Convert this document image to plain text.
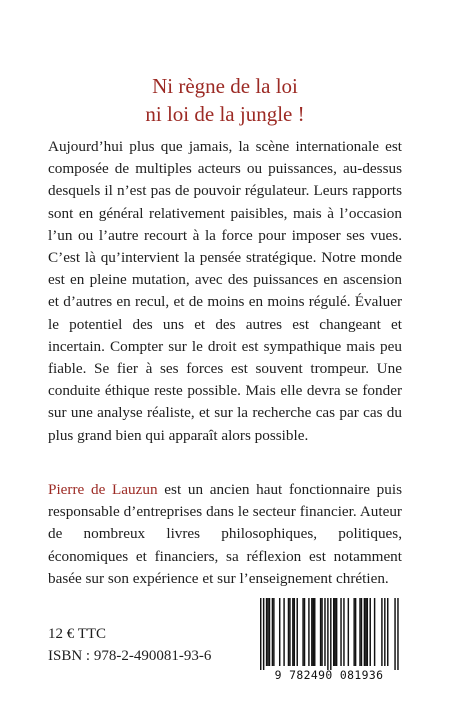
Ni règne de la loi
ni loi de la jungle !

Aujourd’hui plus que jamais, la scène internationale est composée de multiples acteurs ou puissances, au-dessus desquels il n’est pas de pouvoir régulateur. Leurs rapports sont en général relativement paisibles, mais à l’occasion l’un ou l’autre recourt à la force pour imposer ses vues. C’est là qu’intervient la pensée stratégique. Notre monde est en pleine mutation, avec des puissances en ascension et d’autres en recul, et de moins en moins régulé. Évaluer le potentiel des uns et des autres est changeant et incertain. Compter sur le droit est sympathique mais peu fiable. Se fier à ses forces est souvent trompeur. Une conduite éthique reste possible. Mais elle devra se fonder sur une analyse réaliste, et sur la recherche cas par cas du plus grand bien qui apparaît alors possible.

Pierre de Lauzun est un ancien haut fonctionnaire puis responsable d’entreprises dans le secteur financier. Auteur de nombreux livres philosophiques, politiques, économiques et financiers, sa réflexion est notamment basée sur son expérience et sur l’enseignement chrétien.

12 € TTC
ISBN : 978-2-490081-93-6
9 782490 081936
